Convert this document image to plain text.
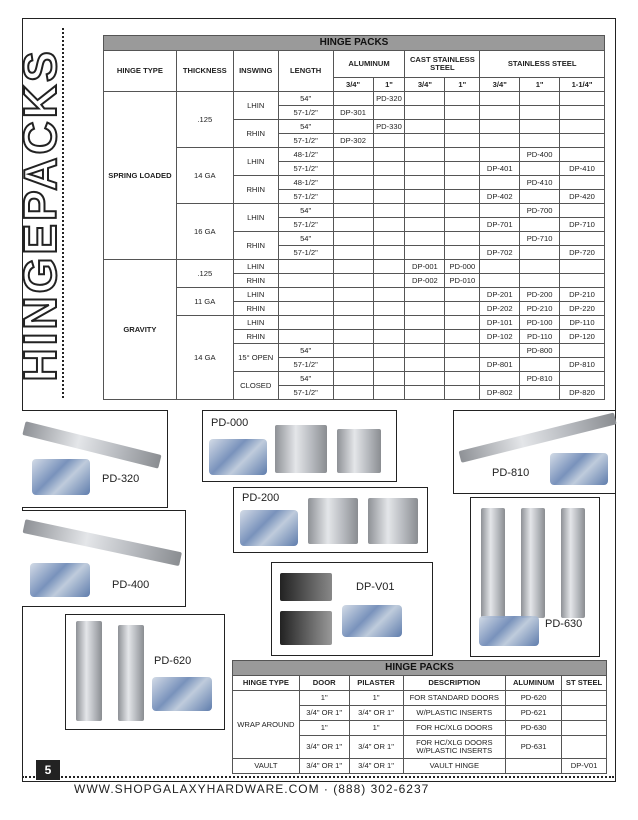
HINGEPACKS
HINGE PACKS										
HINGE TYPE	THICKNESS	INSWING	LENGTH	ALUMINUM		CAST STAINLESS STEEL		STAINLESS STEEL		
				3/4"	1"	3/4"	1"	3/4"	1"	1-1/4"
SPRING LOADED	.125	LHIN	54"		PD-320					
			57-1/2"	DP-301						
		RHIN	54"		PD-330					
			57-1/2"	DP-302						
	14 GA	LHIN	48-1/2"						PD-400	
			57-1/2"					DP-401		DP-410
		RHIN	48-1/2"						PD-410	
			57-1/2"					DP-402		DP-420
	16 GA	LHIN	54"						PD-700	
			57-1/2"					DP-701		DP-710
		RHIN	54"						PD-710	
			57-1/2"					DP-702		DP-720
GRAVITY	.125	LHIN				DP-001	PD-000			
		RHIN				DP-002	PD-010			
	11 GA	LHIN						DP-201	PD-200	DP-210
		RHIN						DP-202	PD-210	DP-220
	14 GA	LHIN						DP-101	PD-100	DP-110
		RHIN						DP-102	PD-110	DP-120
		15° OPEN	54"						PD-800	
			57-1/2"					DP-801		DP-810
		CLOSED	54"						PD-810	
			57-1/2"					DP-802		DP-820
PD-320
PD-000
PD-810
PD-200
PD-400
PD-630
DP-V01
PD-620
HINGE PACKS					
HINGE TYPE	DOOR	PILASTER	DESCRIPTION	ALUMINUM	ST STEEL
WRAP AROUND	1"	1"	FOR STANDARD DOORS	PD-620	
	3/4" OR 1"	3/4" OR 1"	W/PLASTIC INSERTS	PD-621	
	1"	1"	FOR HC/XLG DOORS	PD-630	
	3/4" OR 1"	3/4" OR 1"	FOR HC/XLG DOORS W/PLASTIC INSERTS	PD-631	
VAULT	3/4" OR 1"	3/4" OR 1"	VAULT HINGE		DP-V01
5
WWW.SHOPGALAXYHARDWARE.COM · (888) 302-6237
